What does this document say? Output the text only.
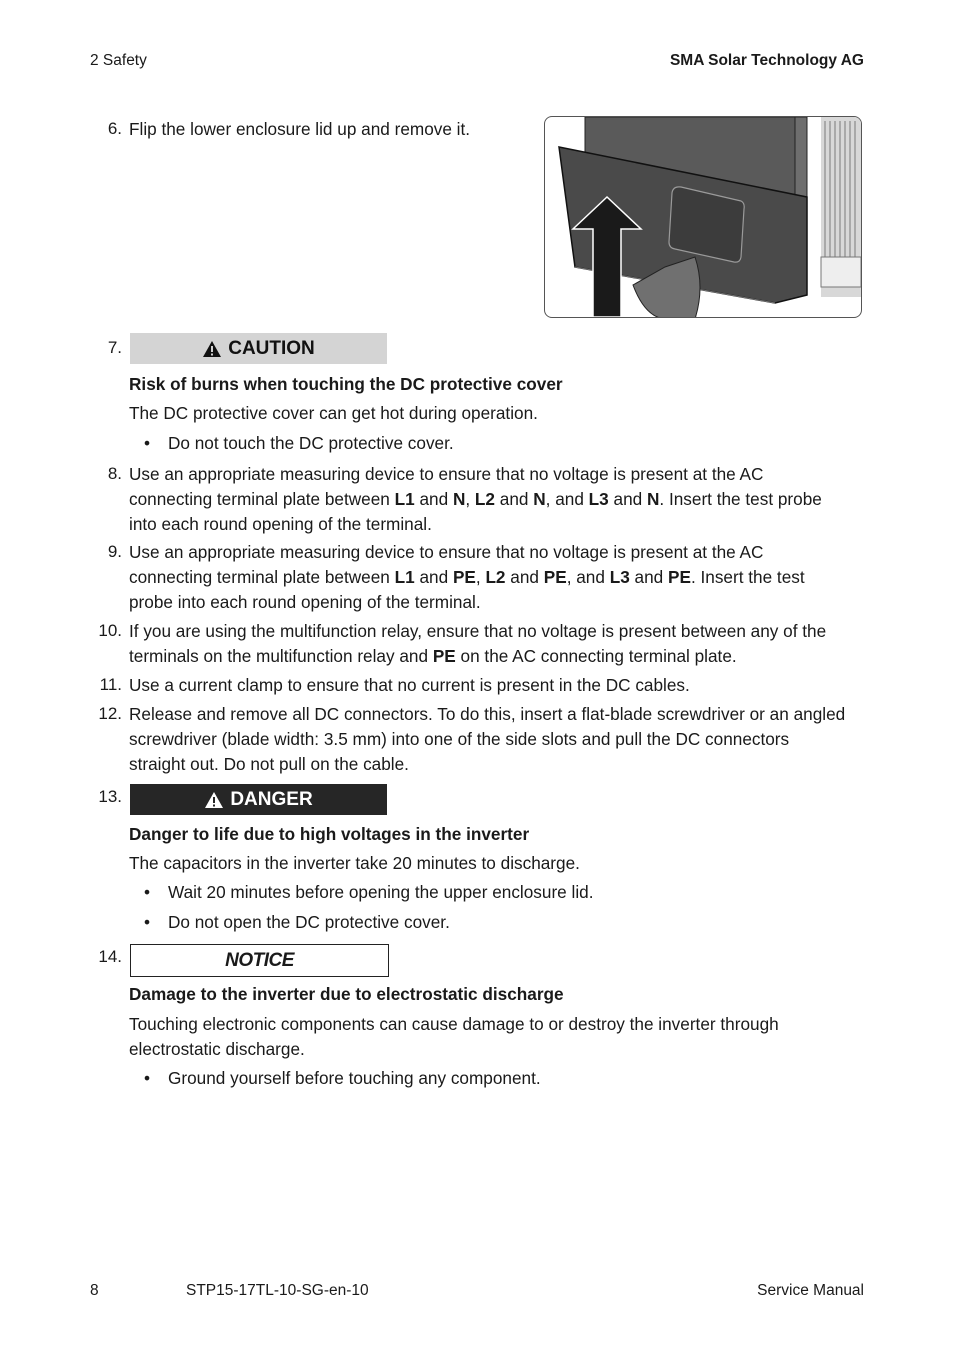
2 Safety	SMA Solar Technology AG
6. Flip the lower enclosure lid up and remove it.
7.	CAUTION
Risk of burns when touching the DC protective cover
The DC protective cover can get hot during operation.
• Do not touch the DC protective cover.
8. Use an appropriate measuring device to ensure that no voltage is present at the AC
connecting terminal plate between L1 and N, L2 and N, and L3 and N. Insert the test probe
into each round opening of the terminal.
9. Use an appropriate measuring device to ensure that no voltage is present at the AC
connecting terminal plate between L1 and PE, L2 and PE, and L3 and PE. Insert the test
probe into each round opening of the terminal.
10. If you are using the multifunction relay, ensure that no voltage is present between any of the
terminals on the multifunction relay and PE on the AC connecting terminal plate.
11. Use a current clamp to ensure that no current is present in the DC cables.
12. Release and remove all DC connectors. To do this, insert a flat-blade screwdriver or an angled
screwdriver (blade width: 3.5 mm) into one of the side slots and pull the DC connectors
straight out. Do not pull on the cable.
13.	DANGER
Danger to life due to high voltages in the inverter
The capacitors in the inverter take 20 minutes to discharge.
• Wait 20 minutes before opening the upper enclosure lid.
• Do not open the DC protective cover.
14.	NOTICE
Damage to the inverter due to electrostatic discharge
Touching electronic components can cause damage to or destroy the inverter through
electrostatic discharge.
• Ground yourself before touching any component.
8	STP15-17TL-10-SG-en-10	Service Manual
